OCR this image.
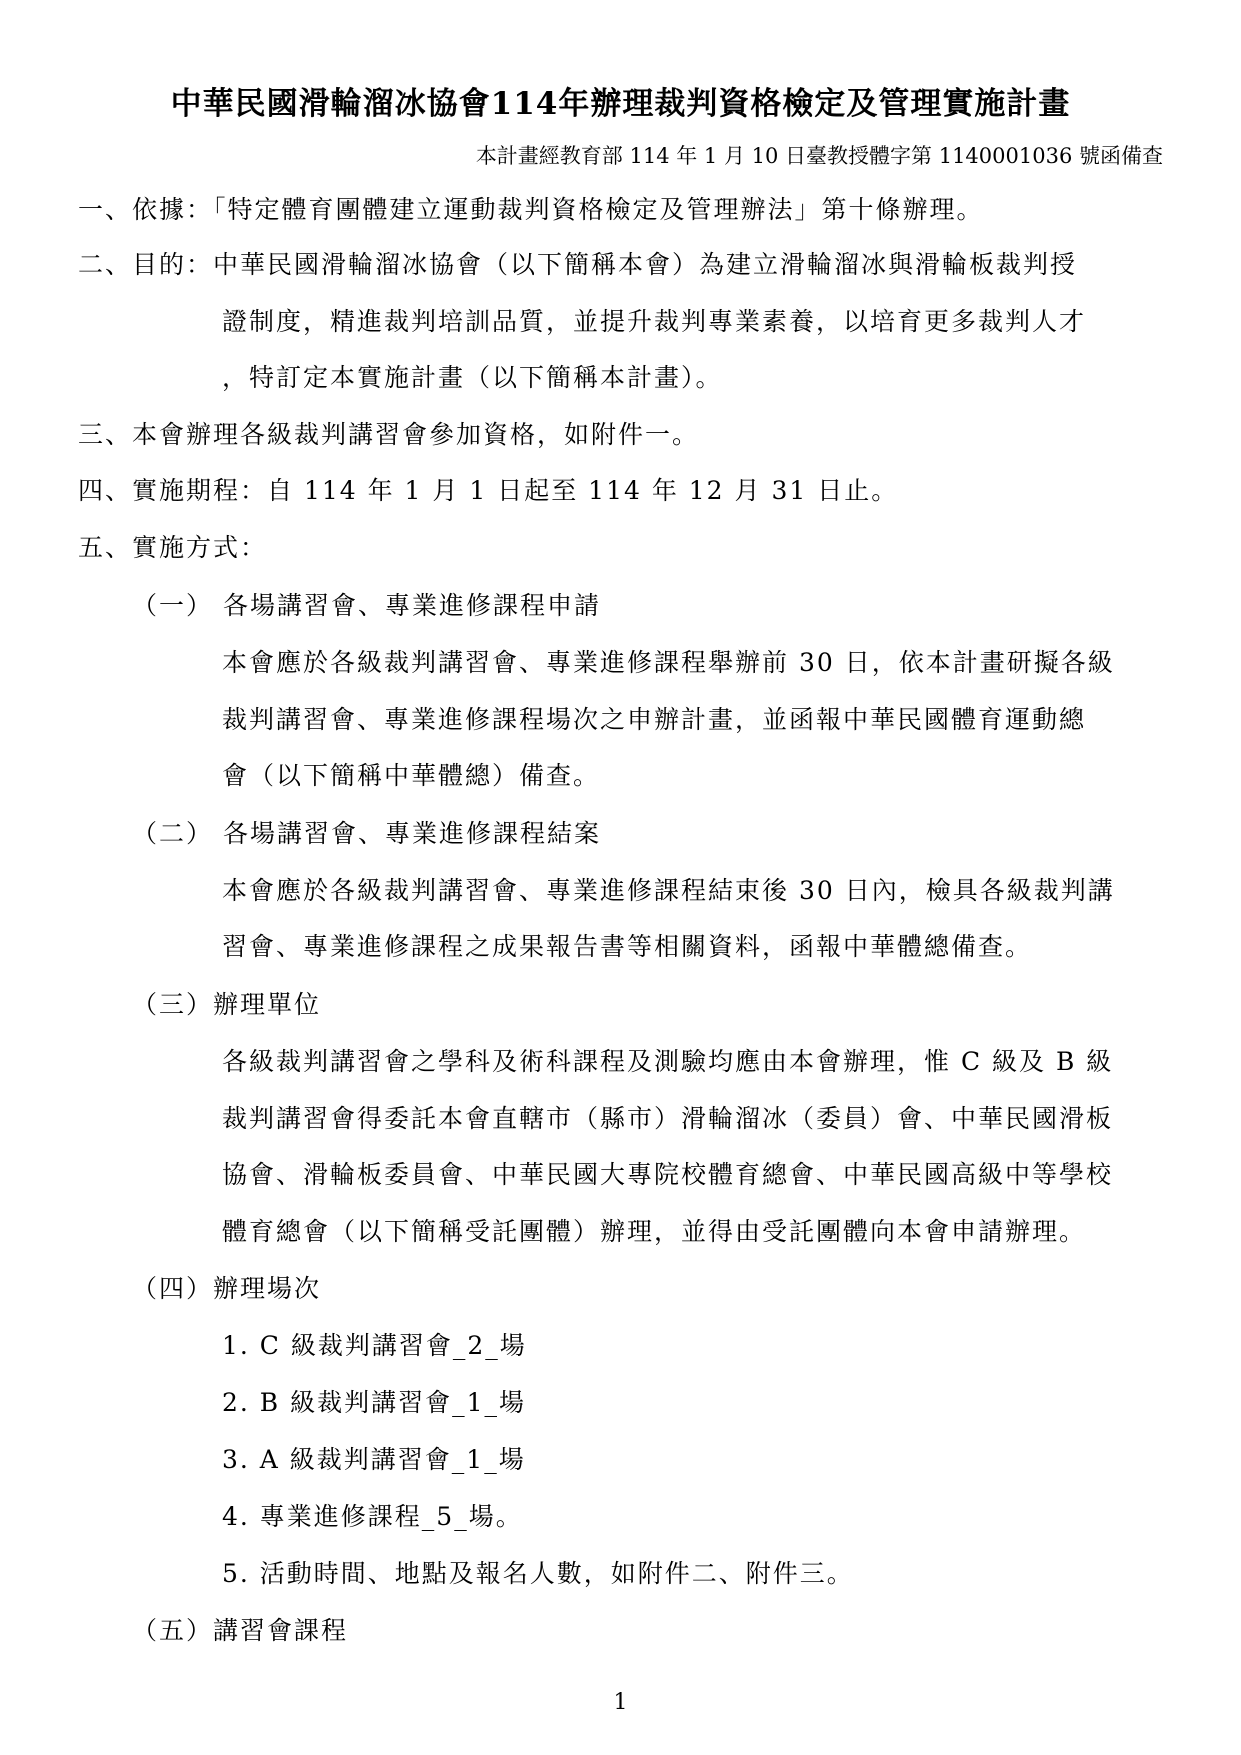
中華民國滑輪溜冰協會114年辦理裁判資格檢定及管理實施計畫
本計畫經教育部 114 年 1 月 10 日臺教授體字第 1140001036 號函備查
一、依據：「特定體育團體建立運動裁判資格檢定及管理辦法」第十條辦理。
二、目的：中華民國滑輪溜冰協會（以下簡稱本會）為建立滑輪溜冰與滑輪板裁判授
證制度，精進裁判培訓品質，並提升裁判專業素養，以培育更多裁判人才
，特訂定本實施計畫（以下簡稱本計畫）。
三、本會辦理各級裁判講習會參加資格，如附件一。
四、實施期程：自 114 年 1 月 1 日起至 114 年 12 月 31 日止。
五、實施方式：
（一） 各場講習會、專業進修課程申請
本會應於各級裁判講習會、專業進修課程舉辦前 30 日，依本計畫研擬各級
裁判講習會、專業進修課程場次之申辦計畫，並函報中華民國體育運動總
會（以下簡稱中華體總）備查。
（二） 各場講習會、專業進修課程結案
本會應於各級裁判講習會、專業進修課程結束後 30 日內，檢具各級裁判講
習會、專業進修課程之成果報告書等相關資料，函報中華體總備查。
（三）辦理單位
各級裁判講習會之學科及術科課程及測驗均應由本會辦理，惟 C 級及 B 級
裁判講習會得委託本會直轄市（縣市）滑輪溜冰（委員）會、中華民國滑板
協會、滑輪板委員會、中華民國大專院校體育總會、中華民國高級中等學校
體育總會（以下簡稱受託團體）辦理，並得由受託團體向本會申請辦理。
（四）辦理場次
1. C 級裁判講習會_2_場
2. B 級裁判講習會_1_場
3. A 級裁判講習會_1_場
4. 專業進修課程_5_場。
5. 活動時間、地點及報名人數，如附件二、附件三。
（五）講習會課程
1
